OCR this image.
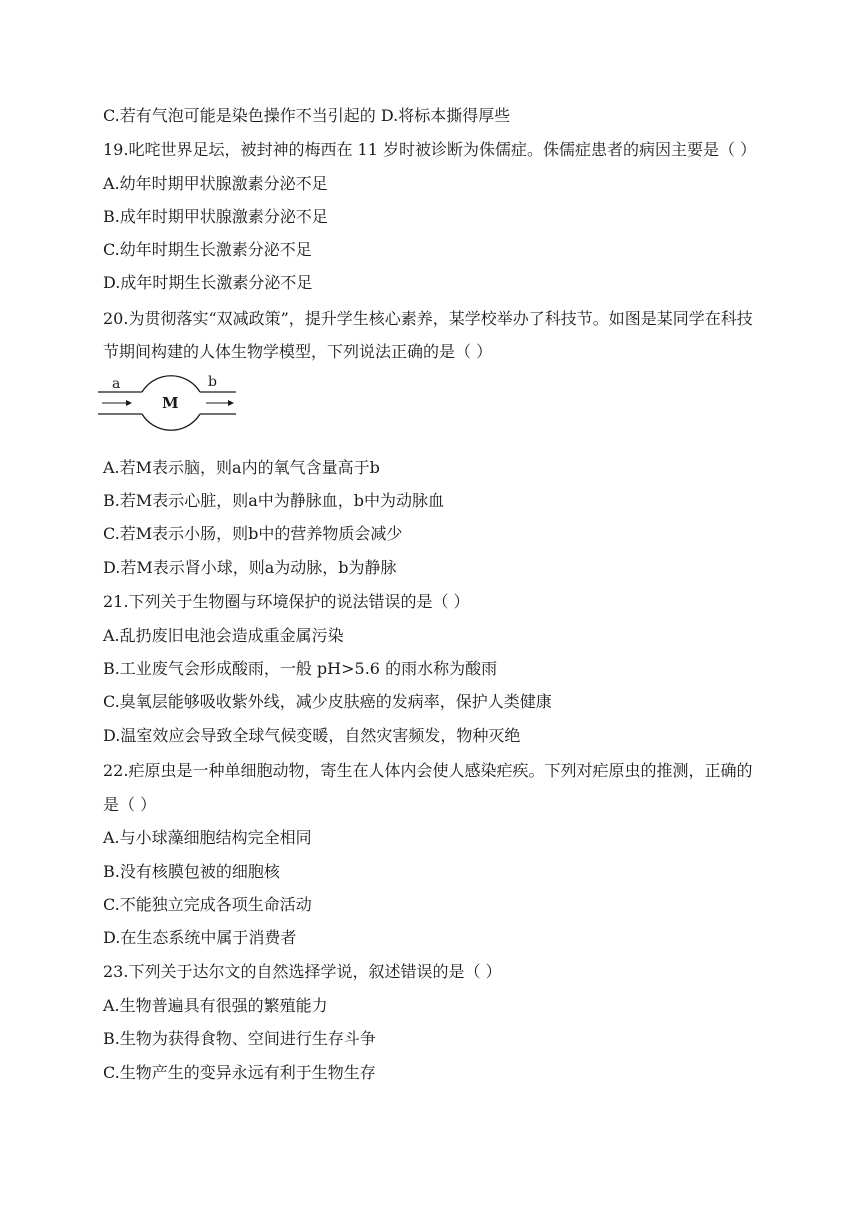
C.若有气泡可能是染色操作不当引起的 D.将标本撕得厚些
19.叱咤世界足坛，被封神的梅西在 11 岁时被诊断为侏儒症。侏儒症患者的病因主要是（ ）
A.幼年时期甲状腺激素分泌不足
B.成年时期甲状腺激素分泌不足
C.幼年时期生长激素分泌不足
D.成年时期生长激素分泌不足
20.为贯彻落实“双减政策”，提升学生核心素养，某学校举办了科技节。如图是某同学在科技
节期间构建的人体生物学模型，下列说法正确的是（ ）
a	b
M
A.若M表示脑，则a内的氧气含量高于b
B.若M表示心脏，则a中为静脉血，b中为动脉血
C.若M表示小肠，则b中的营养物质会减少
D.若M表示肾小球，则a为动脉，b为静脉
21.下列关于生物圈与环境保护的说法错误的是（ ）
A.乱扔废旧电池会造成重金属污染
B.工业废气会形成酸雨，一般 pH>5.6 的雨水称为酸雨
C.臭氧层能够吸收紫外线，减少皮肤癌的发病率，保护人类健康
D.温室效应会导致全球气候变暖，自然灾害频发，物种灭绝
22.疟原虫是一种单细胞动物，寄生在人体内会使人感染疟疾。下列对疟原虫的推测，正确的
是（ ）
A.与小球藻细胞结构完全相同
B.没有核膜包被的细胞核
C.不能独立完成各项生命活动
D.在生态系统中属于消费者
23.下列关于达尔文的自然选择学说，叙述错误的是（ ）
A.生物普遍具有很强的繁殖能力
B.生物为获得食物、空间进行生存斗争
C.生物产生的变异永远有利于生物生存
